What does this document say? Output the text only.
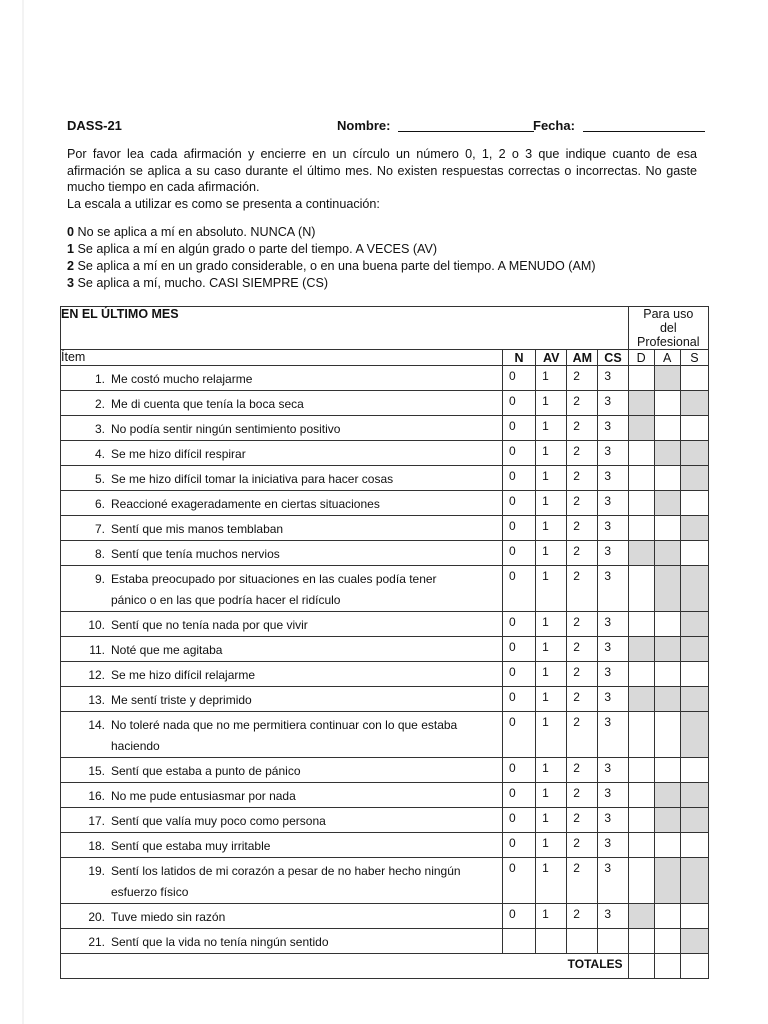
DASS-21	Nombre:	Fecha:

Por favor lea cada afirmación y encierre en un círculo un número 0, 1, 2 o 3 que indique cuanto de esa afirmación se aplica a su caso durante el último mes. No existen respuestas correctas o incorrectas. No gaste mucho tiempo en cada afirmación.

La escala a utilizar es como se presenta a continuación:

0 No se aplica a mí en absoluto. NUNCA (N)
1 Se aplica a mí en algún grado o parte del tiempo. A VECES (AV)
2 Se aplica a mí en un grado considerable, o en una buena parte del tiempo. A MENUDO (AM)
3 Se aplica a mí, mucho. CASI SIEMPRE (CS)
EN EL ÚLTIMO MES					Para uso
del
Profesional		

Ítem	N	AV	AM	CS	D	A	S

1. Me costó mucho relajarme	0	1	2	3			

2. Me di cuenta que tenía la boca seca	0	1	2	3			

3. No podía sentir ningún sentimiento positivo	0	1	2	3			

4. Se me hizo difícil respirar	0	1	2	3			

5. Se me hizo difícil tomar la iniciativa para hacer cosas	0	1	2	3			

6. Reaccioné exageradamente en ciertas situaciones	0	1	2	3			

7. Sentí que mis manos temblaban	0	1	2	3			

8. Sentí que tenía muchos nervios	0	1	2	3			

9. Estaba preocupado por situaciones en las cuales podía tener
pánico o en las que podría hacer el ridículo	0	1	2	3			

10. Sentí que no tenía nada por que vivir	0	1	2	3			

11. Noté que me agitaba	0	1	2	3			

12. Se me hizo difícil relajarme	0	1	2	3			

13. Me sentí triste y deprimido	0	1	2	3			

14. No toleré nada que no me permitiera continuar con lo que estaba
haciendo	0	1	2	3			

15. Sentí que estaba a punto de pánico	0	1	2	3			

16. No me pude entusiasmar por nada	0	1	2	3			

17. Sentí que valía muy poco como persona	0	1	2	3			

18. Sentí que estaba muy irritable	0	1	2	3			

19. Sentí los latidos de mi corazón a pesar de no haber hecho ningún
esfuerzo físico	0	1	2	3			

20. Tuve miedo sin razón	0	1	2	3			

21. Sentí que la vida no tenía ningún sentido							

TOTALES							
